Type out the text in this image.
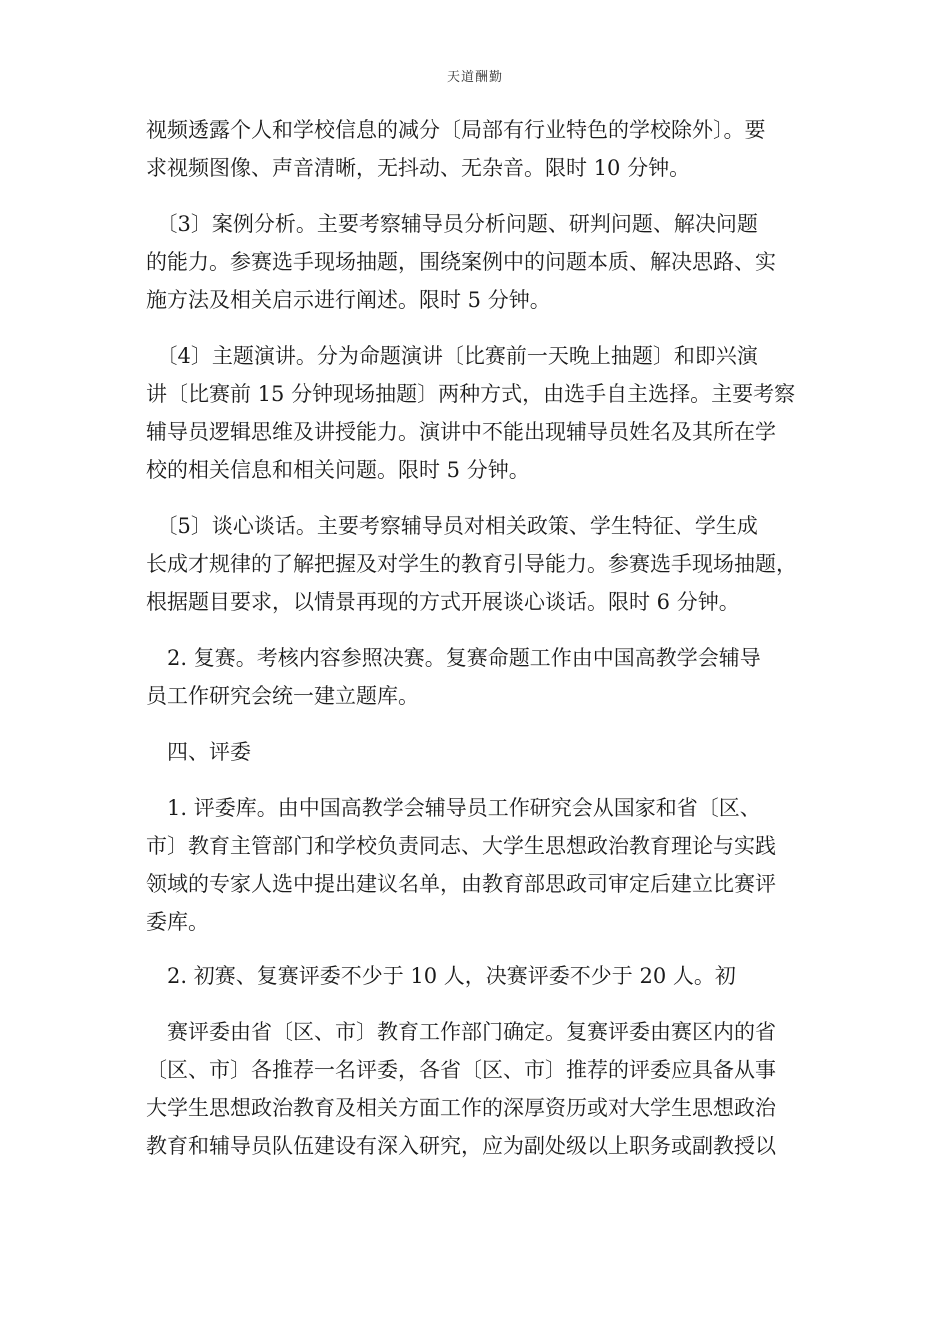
天道酬勤

视频透露个人和学校信息的减分〔局部有行业特色的学校除外〕。要
求视频图像、声音清晰，无抖动、无杂音。限时 10 分钟。

　〔3〕案例分析。主要考察辅导员分析问题、研判问题、解决问题
的能力。参赛选手现场抽题，围绕案例中的问题本质、解决思路、实
施方法及相关启示进行阐述。限时 5 分钟。

　〔4〕主题演讲。分为命题演讲〔比赛前一天晚上抽题〕和即兴演
讲〔比赛前 15 分钟现场抽题〕两种方式，由选手自主选择。主要考察
辅导员逻辑思维及讲授能力。演讲中不能出现辅导员姓名及其所在学
校的相关信息和相关问题。限时 5 分钟。

　〔5〕谈心谈话。主要考察辅导员对相关政策、学生特征、学生成
长成才规律的了解把握及对学生的教育引导能力。参赛选手现场抽题，
根据题目要求，以情景再现的方式开展谈心谈话。限时 6 分钟。

　2. 复赛。考核内容参照决赛。复赛命题工作由中国高教学会辅导
员工作研究会统一建立题库。

　四、评委

　1. 评委库。由中国高教学会辅导员工作研究会从国家和省〔区、
市〕教育主管部门和学校负责同志、大学生思想政治教育理论与实践
领域的专家人选中提出建议名单，由教育部思政司审定后建立比赛评
委库。

　2. 初赛、复赛评委不少于 10 人，决赛评委不少于 20 人。初

　赛评委由省〔区、市〕教育工作部门确定。复赛评委由赛区内的省
〔区、市〕各推荐一名评委，各省〔区、市〕推荐的评委应具备从事
大学生思想政治教育及相关方面工作的深厚资历或对大学生思想政治
教育和辅导员队伍建设有深入研究，应为副处级以上职务或副教授以
